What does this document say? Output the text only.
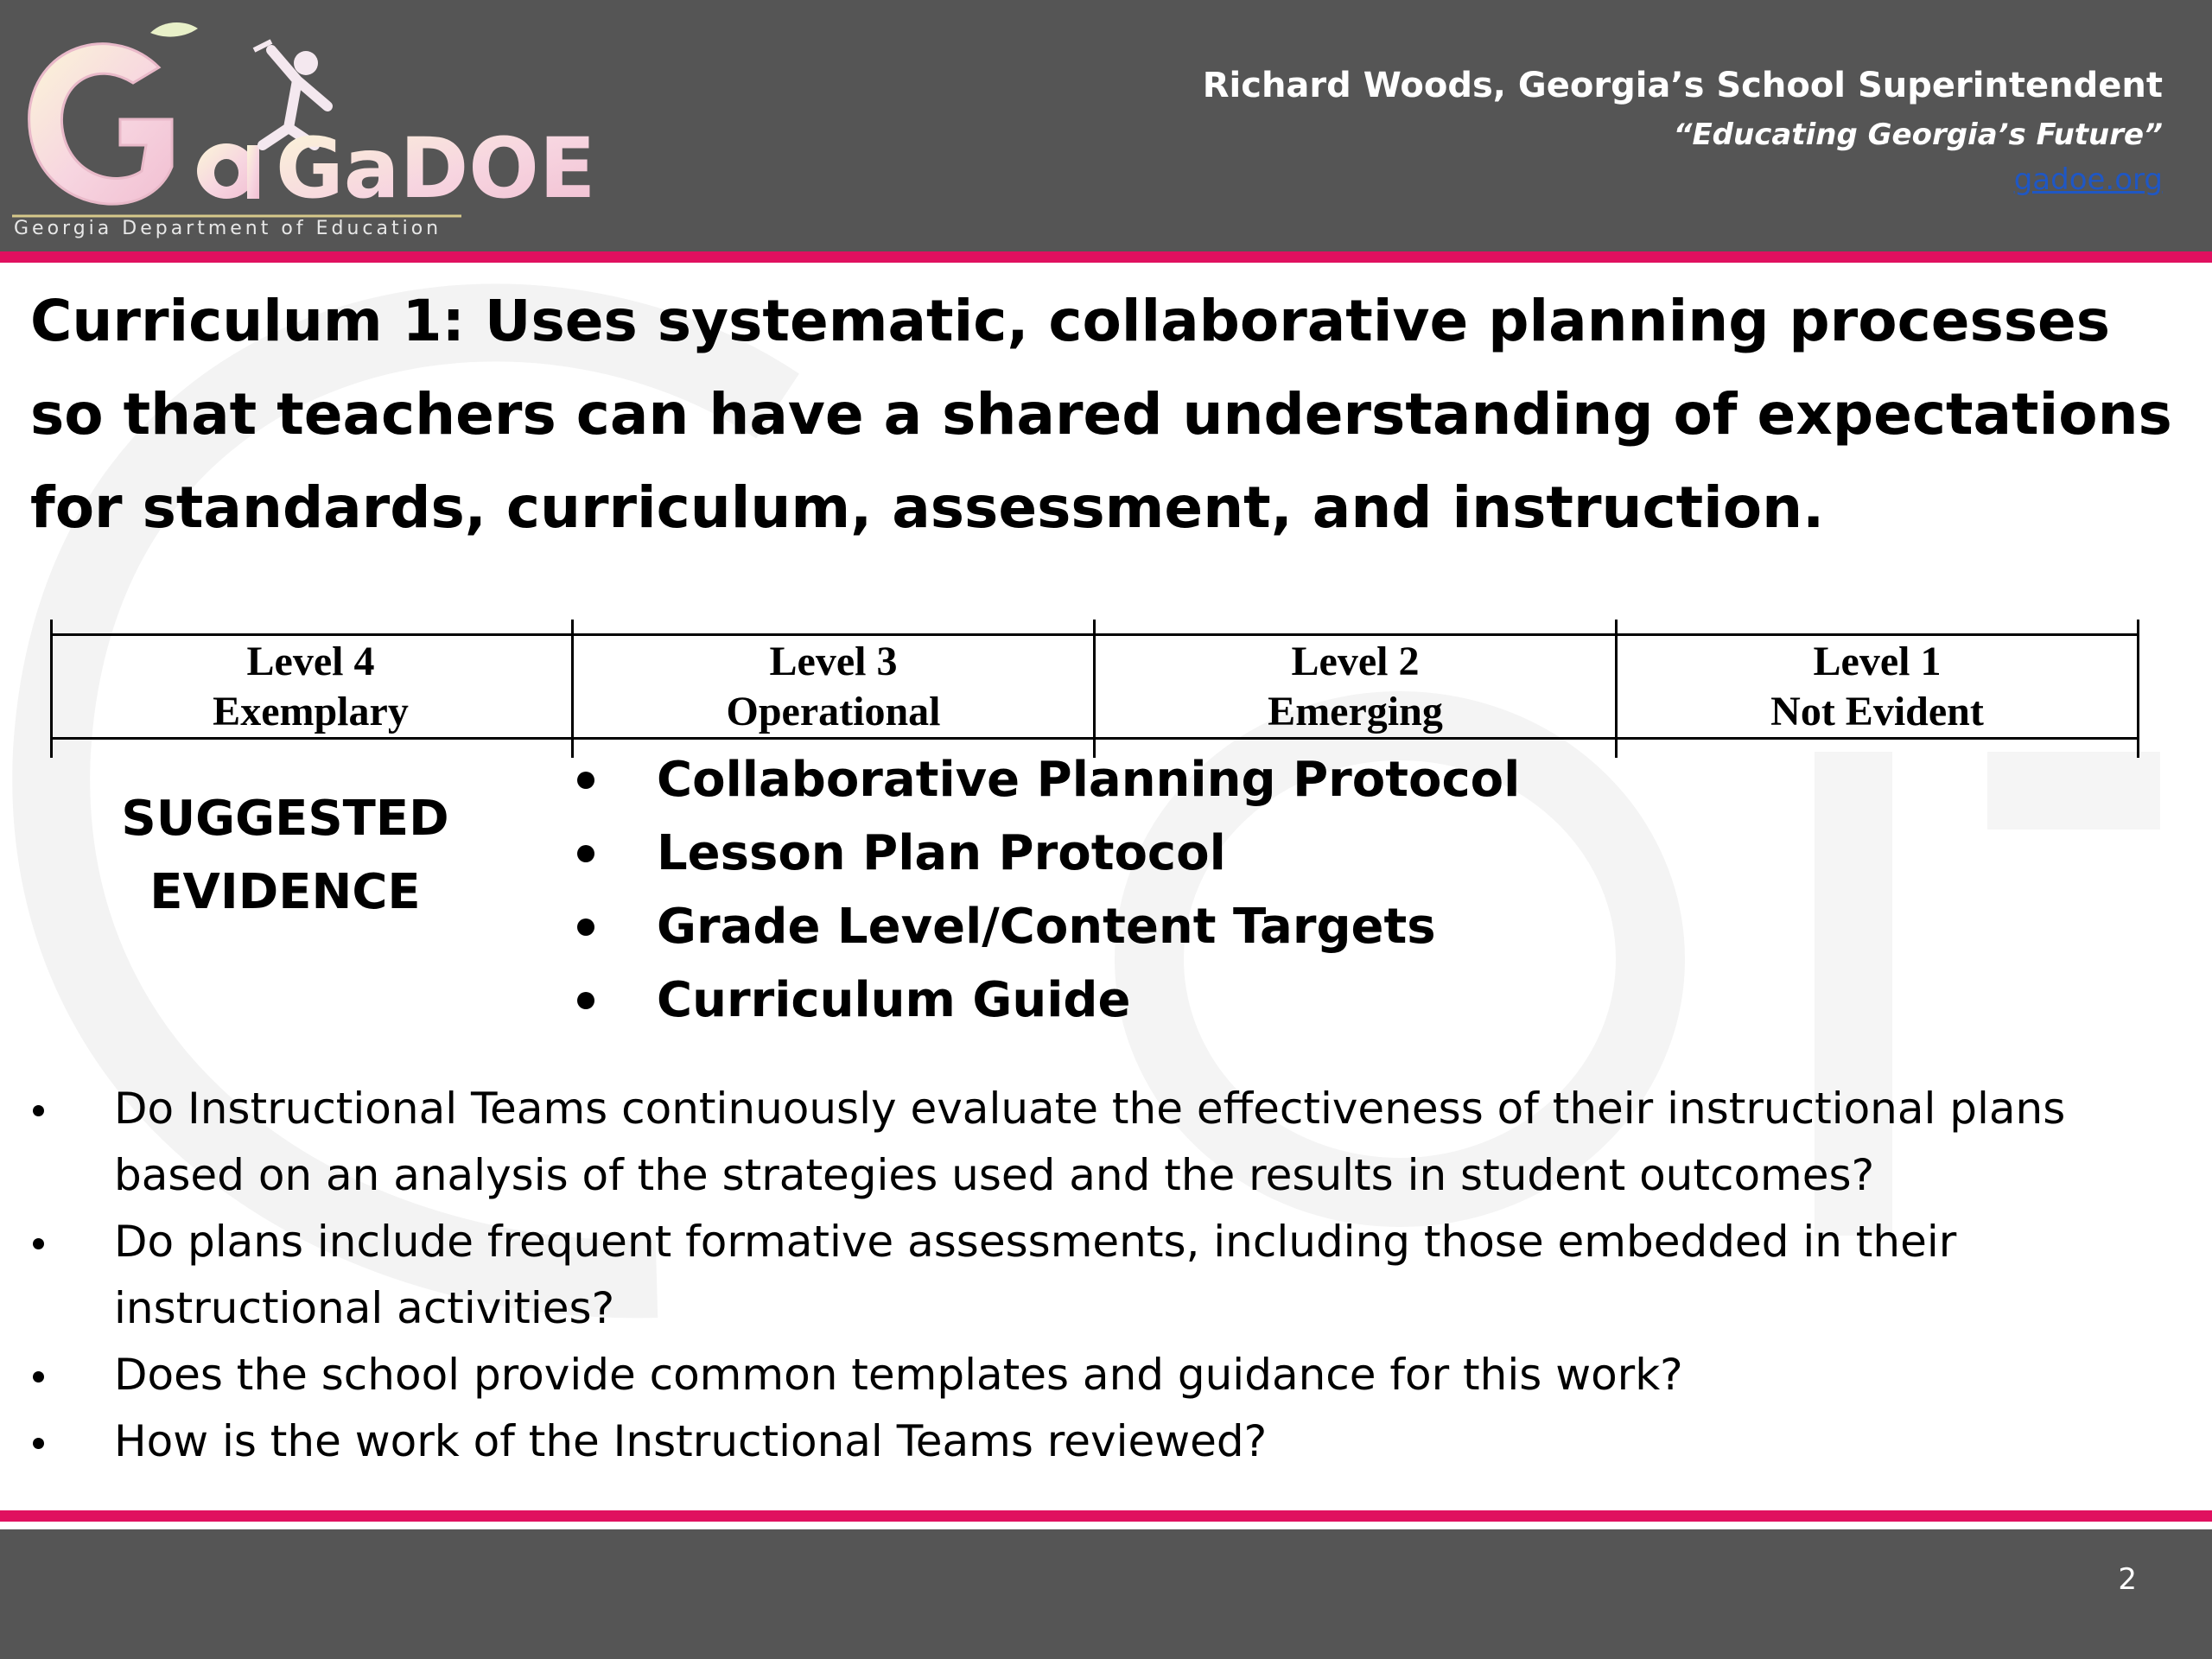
GaDOE
Georgia Department of Education
Richard Woods, Georgia’s School Superintendent
“Educating Georgia’s Future”
gadoe.org
Curriculum 1: Uses systematic, collaborative planning processes so that teachers can have a shared understanding of expectations for standards, curriculum, assessment, and instruction.
Level 4
Exemplary
Level 3
Operational
Level 2
Emerging
Level 1
Not Evident
SUGGESTED
EVIDENCE
Collaborative Planning Protocol
Lesson Plan Protocol
Grade Level/Content Targets
Curriculum Guide
Do Instructional Teams continuously evaluate the effectiveness of their instructional plans based on an analysis of the strategies used and the results in student outcomes?
Do plans include frequent formative assessments, including those embedded in their instructional activities?
Does the school provide common templates and guidance for this work?
How is the work of the Instructional Teams reviewed?
2
